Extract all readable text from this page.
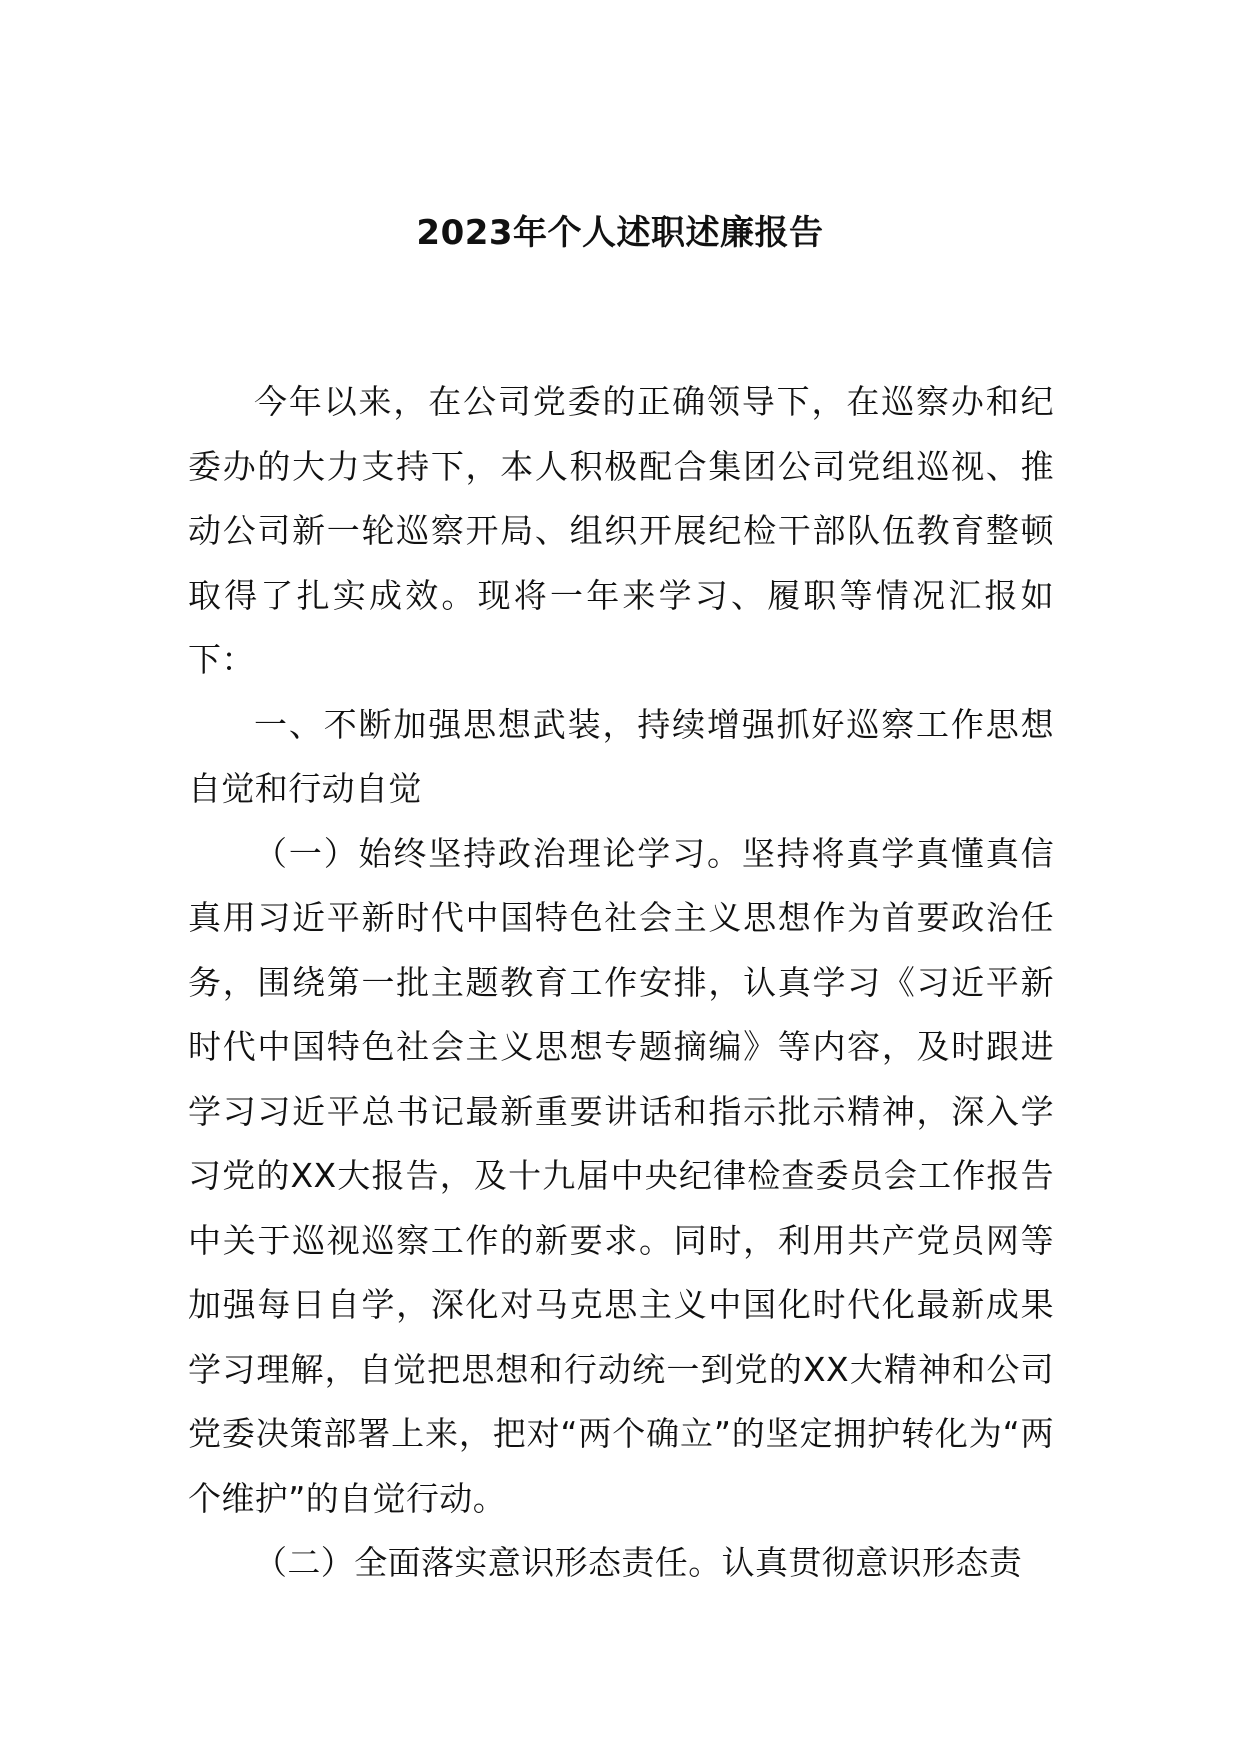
2023年个人述职述廉报告

今年以来，在公司党委的正确领导下，在巡察办和纪委办的大力支持下，本人积极配合集团公司党组巡视、推动公司新一轮巡察开局、组织开展纪检干部队伍教育整顿取得了扎实成效。现将一年来学习、履职等情况汇报如下：

一、不断加强思想武装，持续增强抓好巡察工作思想自觉和行动自觉

（一）始终坚持政治理论学习。坚持将真学真懂真信真用习近平新时代中国特色社会主义思想作为首要政治任务，围绕第一批主题教育工作安排，认真学习《习近平新时代中国特色社会主义思想专题摘编》等内容，及时跟进学习习近平总书记最新重要讲话和指示批示精神，深入学习党的XX大报告，及十九届中央纪律检查委员会工作报告中关于巡视巡察工作的新要求。同时，利用共产党员网等加强每日自学，深化对马克思主义中国化时代化最新成果学习理解，自觉把思想和行动统一到党的XX大精神和公司党委决策部署上来，把对“两个确立”的坚定拥护转化为“两个维护”的自觉行动。

（二）全面落实意识形态责任。认真贯彻意识形态责
